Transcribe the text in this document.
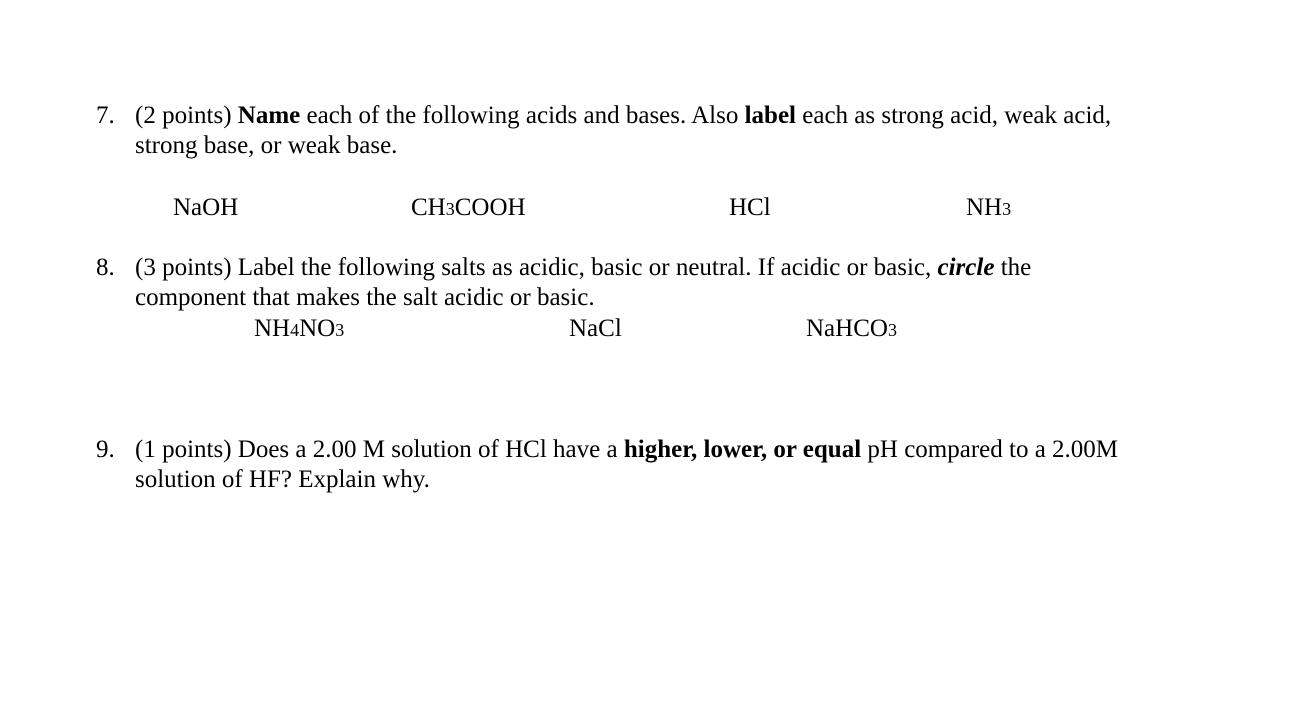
7. (2 points) Name each of the following acids and bases. Also label each as strong acid, weak acid,
strong base, or weak base.
NaOH	CH3COOH	HCl	NH3
8. (3 points) Label the following salts as acidic, basic or neutral. If acidic or basic, circle the
component that makes the salt acidic or basic.
NH4NO3	NaCl	NaHCO3
9. (1 points) Does a 2.00 M solution of HCl have a higher, lower, or equal pH compared to a 2.00M
solution of HF? Explain why.
